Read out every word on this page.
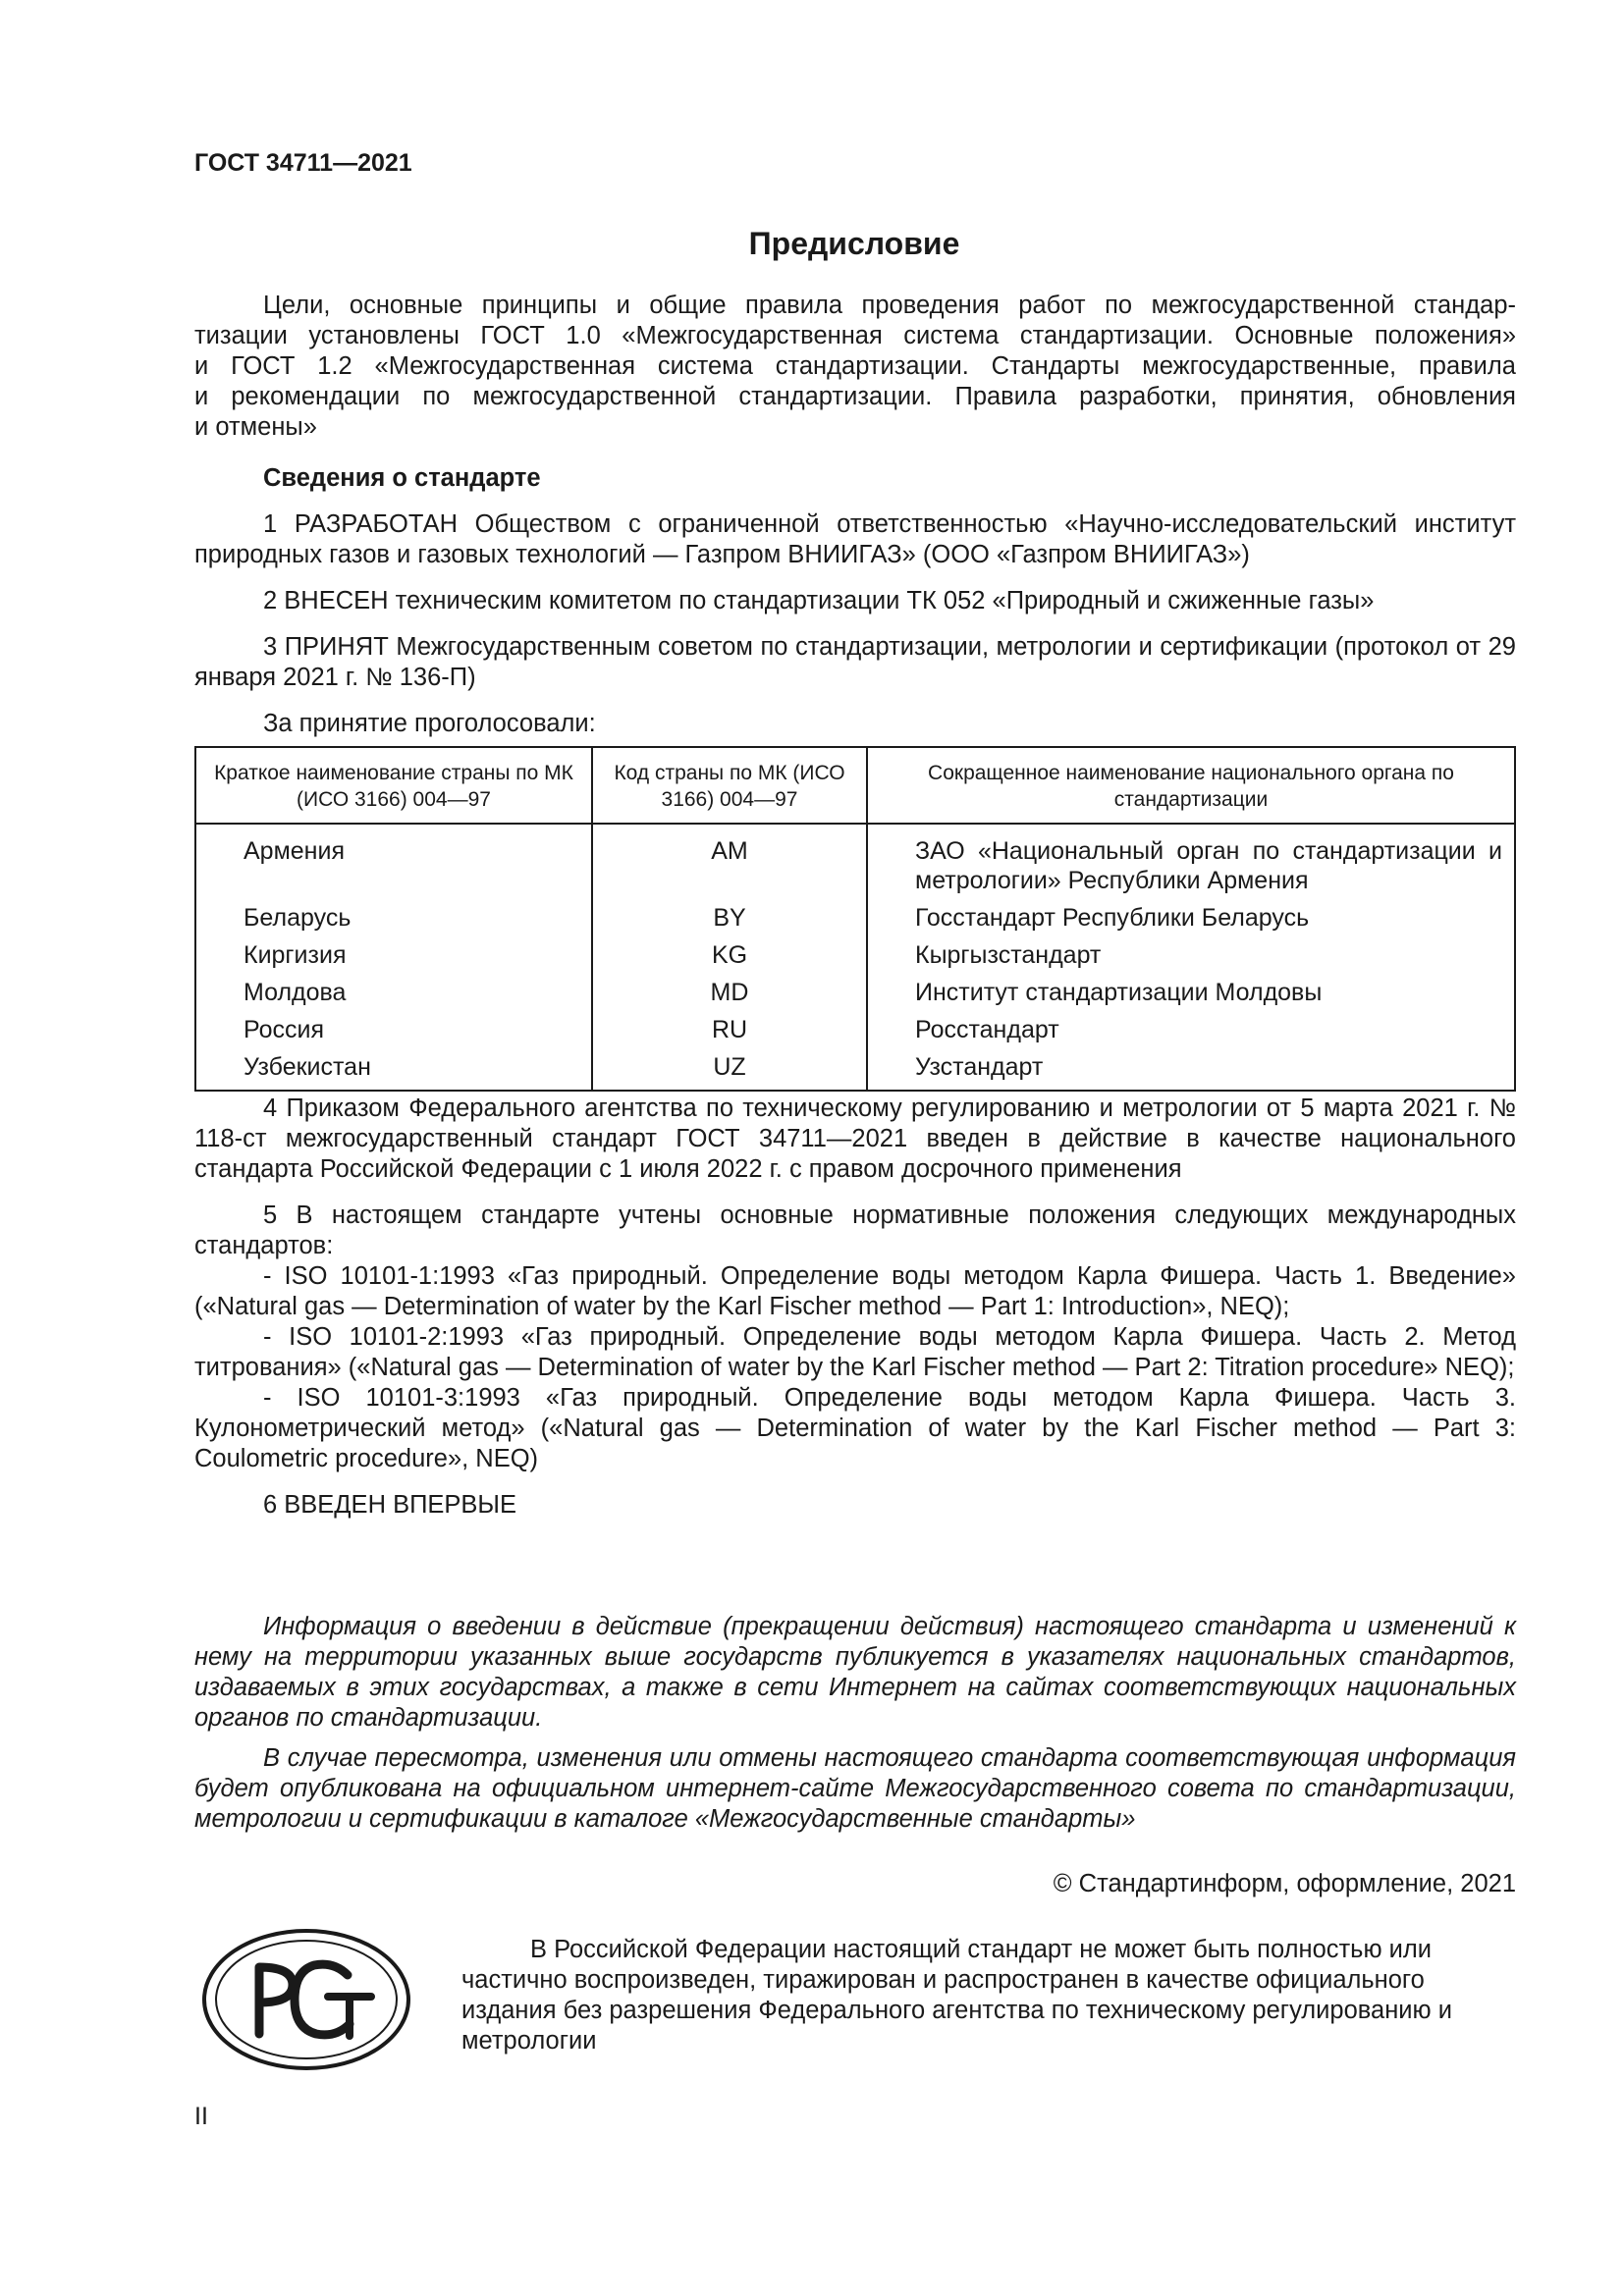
ГОСТ 34711—2021
Предисловие
Цели, основные принципы и общие правила проведения работ по межгосударственной стандар-
тизации установлены ГОСТ 1.0 «Межгосударственная система стандартизации. Основные положения»
и ГОСТ 1.2 «Межгосударственная система стандартизации. Стандарты межгосударственные, правила
и рекомендации по межгосударственной стандартизации. Правила разработки, принятия, обновления
и отмены»

Сведения о стандарте

1 РАЗРАБОТАН Обществом с ограниченной ответственностью «Научно-исследовательский институт природных газов и газовых технологий — Газпром ВНИИГАЗ» (ООО «Газпром ВНИИГАЗ»)

2 ВНЕСЕН техническим комитетом по стандартизации ТК 052 «Природный и сжиженные газы»

3 ПРИНЯТ Межгосударственным советом по стандартизации, метрологии и сертификации (протокол от 29 января 2021 г. № 136-П)

За принятие проголосовали:

Краткое наименование страны по МК (ИСО 3166) 004—97	Код страны по МК (ИСО 3166) 004—97	Сокращенное наименование национального органа по стандартизации
Армения	AM	ЗАО «Национальный орган по стандартизации и метрологии» Республики Армения
Беларусь	BY	Госстандарт Республики Беларусь
Киргизия	KG	Кыргызстандарт
Молдова	MD	Институт стандартизации Молдовы
Россия	RU	Росстандарт
Узбекистан	UZ	Узстандарт

4 Приказом Федерального агентства по техническому регулированию и метрологии от 5 марта 2021 г. № 118-ст межгосударственный стандарт ГОСТ 34711—2021 введен в действие в качестве национального стандарта Российской Федерации с 1 июля 2022 г. с правом досрочного применения

5 В настоящем стандарте учтены основные нормативные положения следующих международных стандартов:

- ISO 10101-1:1993 «Газ природный. Определение воды методом Карла Фишера. Часть 1. Введение» («Natural gas — Determination of water by the Karl Fischer method — Part 1: Introduction», NEQ);

- ISO 10101-2:1993 «Газ природный. Определение воды методом Карла Фишера. Часть 2. Метод титрования» («Natural gas — Determination of water by the Karl Fischer method — Part 2: Titration procedure» NEQ);

- ISO 10101-3:1993 «Газ природный. Определение воды методом Карла Фишера. Часть 3. Кулонометрический метод» («Natural gas — Determination of water by the Karl Fischer method — Part 3: Coulometric procedure», NEQ)

6 ВВЕДЕН ВПЕРВЫЕ

Информация о введении в действие (прекращении действия) настоящего стандарта и изменений к нему на территории указанных выше государств публикуется в указателях национальных стандартов, издаваемых в этих государствах, а также в сети Интернет на сайтах соответствующих национальных органов по стандартизации.

В случае пересмотра, изменения или отмены настоящего стандарта соответствующая информация будет опубликована на официальном интернет-сайте Межгосударственного совета по стандартизации, метрологии и сертификации в каталоге «Межгосударственные стандарты»

© Стандартинформ, оформление, 2021

В Российской Федерации настоящий стандарт не может быть полностью или частично воспроизведен, тиражирован и распространен в качестве официального издания без разрешения Федерального агентства по техническому регулированию и метрологии

II
